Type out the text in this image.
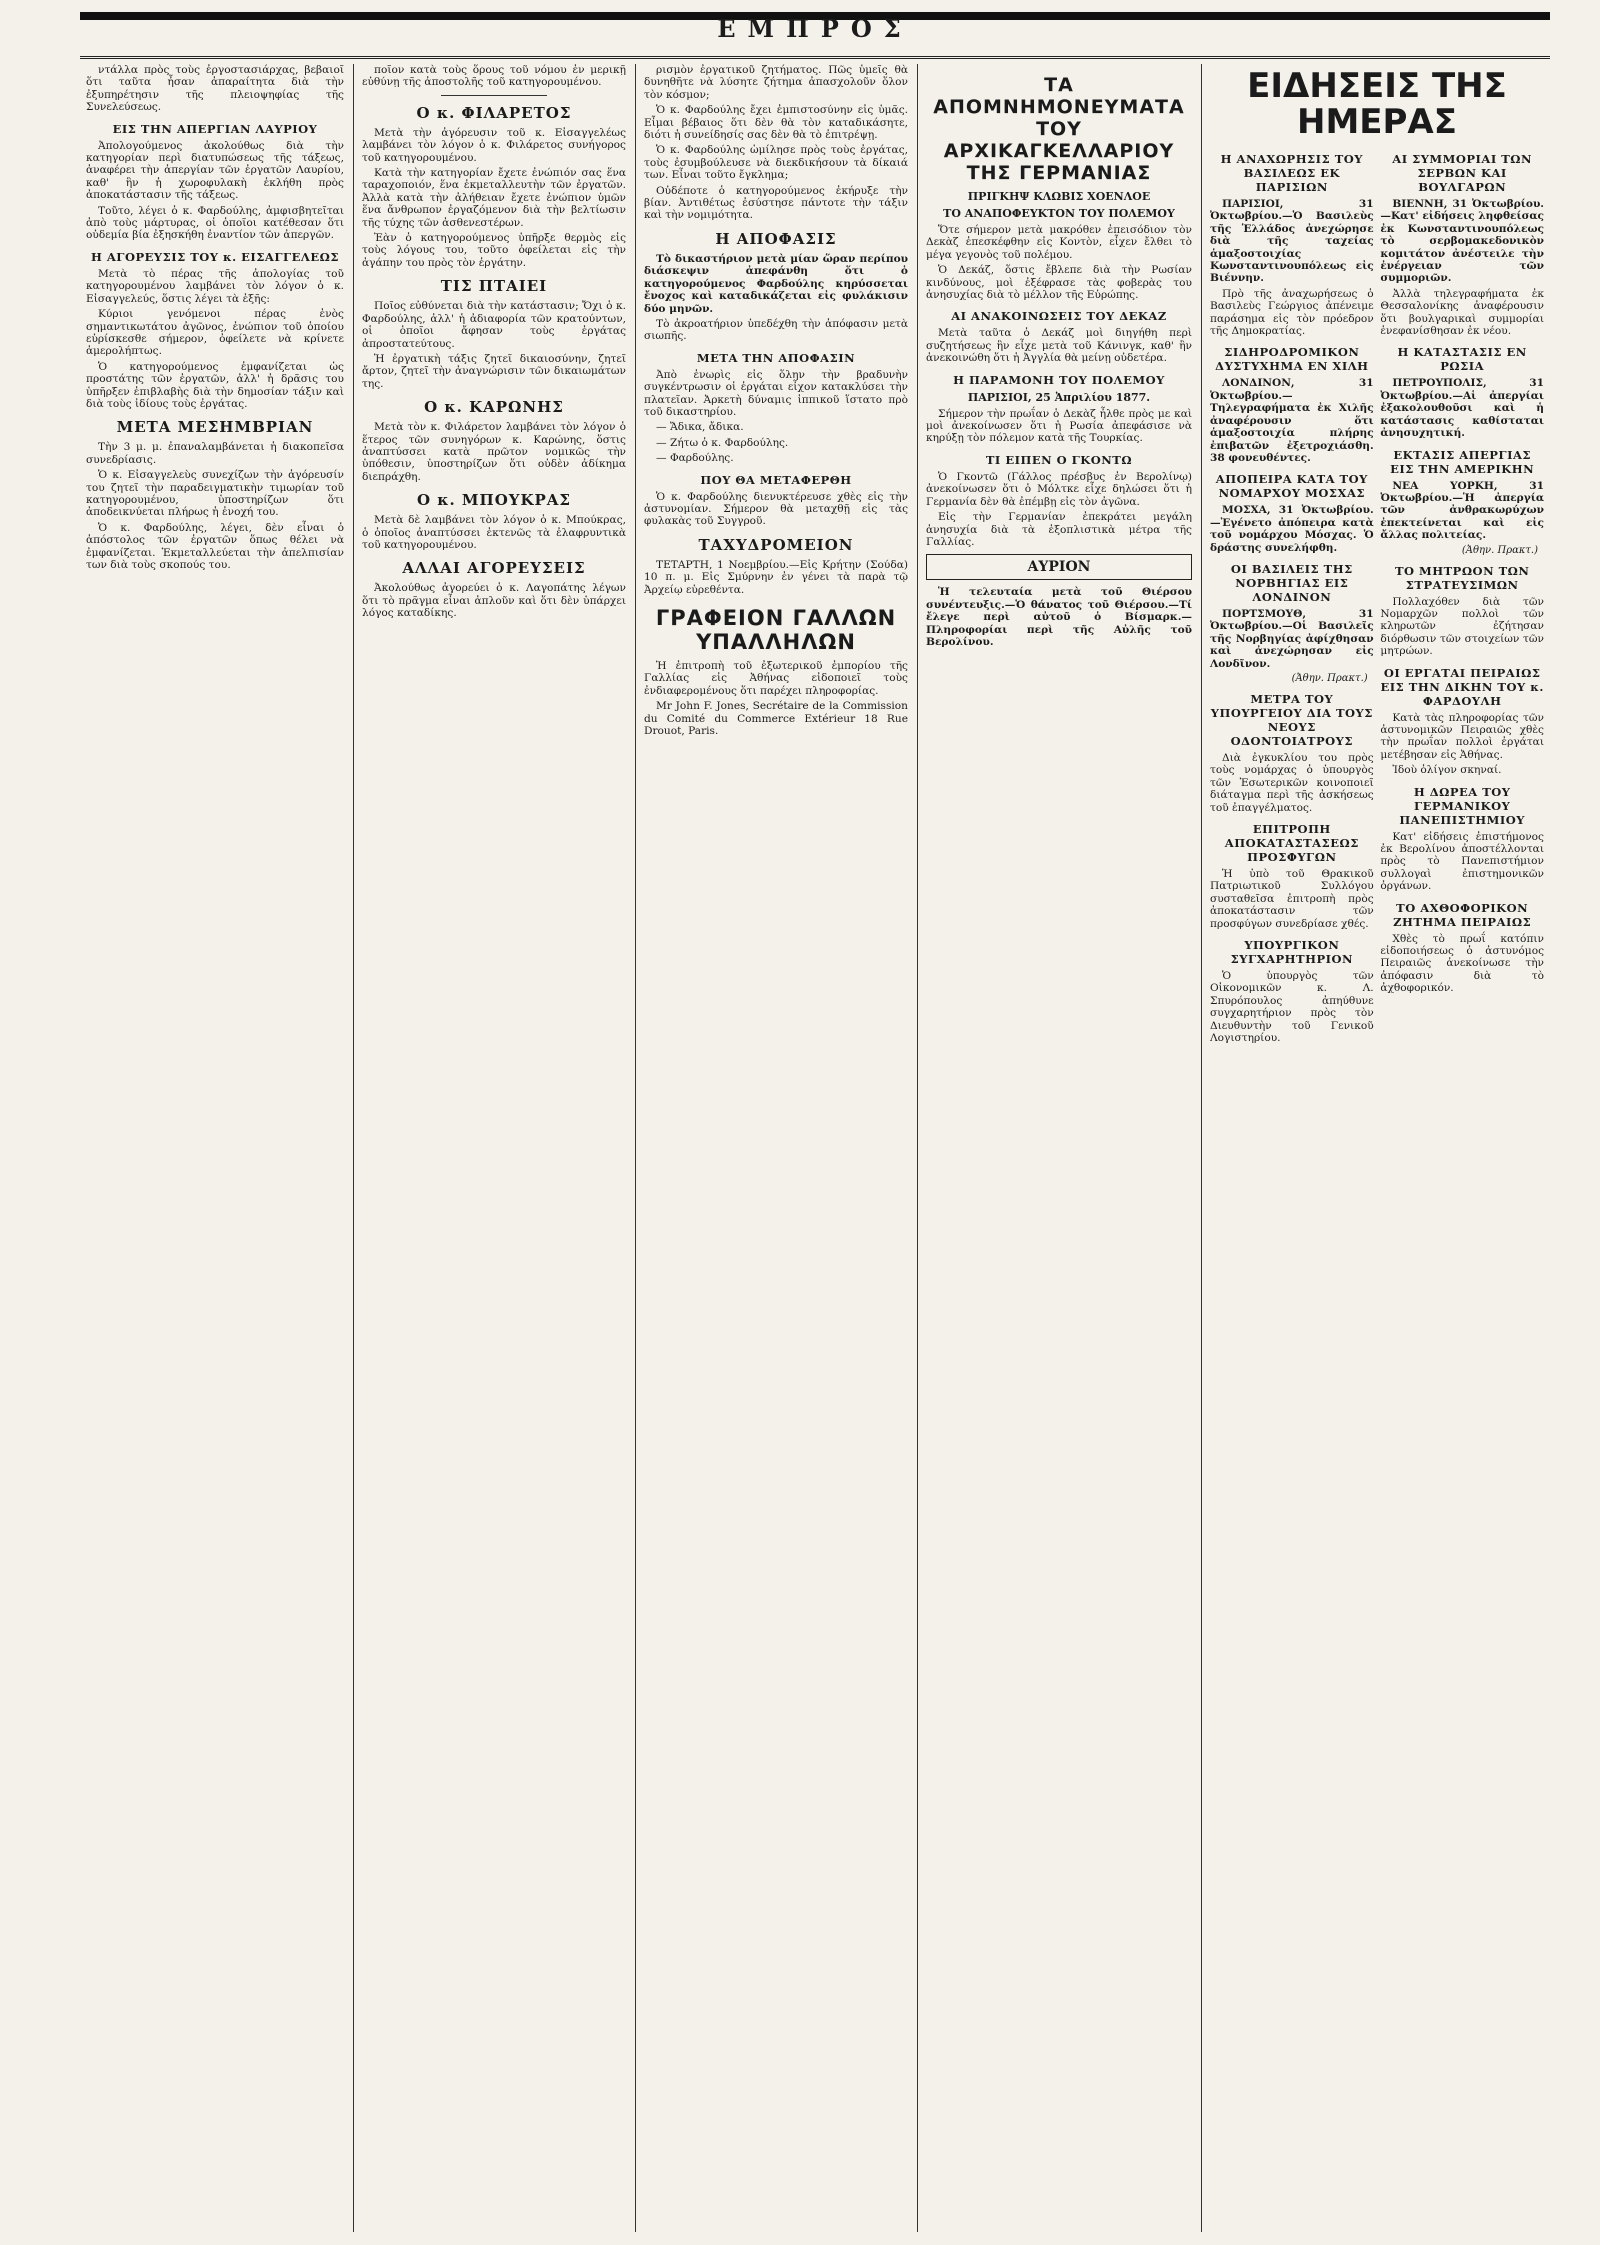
ΕΜΠΡΟΣ

ντάλλα πρὸς τοὺς ἐργοστασιάρχας, βεβαιοῖ ὅτι ταῦτα ἦσαν ἀπαραίτητα διὰ τὴν ἐξυπηρέτησιν τῆς πλειοψηφίας τῆς Συνελεύσεως.

ΕΙΣ ΤΗΝ ΑΠΕΡΓΙΑΝ ΛΑΥΡΙΟΥ

Ἀπολογούμενος ἀκολούθως διὰ τὴν κατηγορίαν περὶ διατυπώσεως τῆς τάξεως, ἀναφέρει τὴν ἀπεργίαν τῶν ἐργατῶν Λαυρίου, καθ' ἣν ἡ χωροφυλακὴ ἐκλήθη πρὸς ἀποκατάστασιν τῆς τάξεως.

Τοῦτο, λέγει ὁ κ. Φαρδούλης, ἀμφισβητεῖται ἀπὸ τοὺς μάρτυρας, οἱ ὁποῖοι κατέθεσαν ὅτι οὐδεμία βία ἐξησκήθη ἐναντίον τῶν ἀπεργῶν.

Η ΑΓΟΡΕΥΣΙΣ ΤΟΥ κ. ΕΙΣΑΓΓΕΛΕΩΣ

Μετὰ τὸ πέρας τῆς ἀπολογίας τοῦ κατηγορουμένου λαμβάνει τὸν λόγον ὁ κ. Εἰσαγγελεύς, ὅστις λέγει τὰ ἑξῆς:

Κύριοι γενόμενοι πέρας ἐνὸς σημαντικωτάτου ἀγῶνος, ἐνώπιον τοῦ ὁποίου εὑρίσκεσθε σήμερον, ὀφείλετε νὰ κρίνετε ἀμερολήπτως.

Ὁ κατηγορούμενος ἐμφανίζεται ὡς προστάτης τῶν ἐργατῶν, ἀλλ' ἡ δρᾶσις του ὑπῆρξεν ἐπιβλαβὴς διὰ τὴν δημοσίαν τάξιν καὶ διὰ τοὺς ἰδίους τοὺς ἐργάτας.

ΜΕΤΑ ΜΕΣΗΜΒΡΙΑΝ

Τὴν 3 μ. μ. ἐπαναλαμβάνεται ἡ διακοπεῖσα συνεδρίασις.

Ὁ κ. Εἰσαγγελεὺς συνεχίζων τὴν ἀγόρευσίν του ζητεῖ τὴν παραδειγματικὴν τιμωρίαν τοῦ κατηγορουμένου, ὑποστηρίζων ὅτι ἀποδεικνύεται πλήρως ἡ ἐνοχή του.

Ὁ κ. Φαρδούλης, λέγει, δὲν εἶναι ὁ ἀπόστολος τῶν ἐργατῶν ὅπως θέλει νὰ ἐμφανίζεται. Ἐκμεταλλεύεται τὴν ἀπελπισίαν των διὰ τοὺς σκοπούς του.

ποῖον κατὰ τοὺς ὅρους τοῦ νόμου ἐν μερικῇ εὐθύνῃ τῆς ἀποστολῆς τοῦ κατηγορουμένου.

Ο κ. ΦΙΛΑΡΕΤΟΣ

Μετὰ τὴν ἀγόρευσιν τοῦ κ. Εἰσαγγελέως λαμβάνει τὸν λόγον ὁ κ. Φιλάρετος συνήγορος τοῦ κατηγορουμένου.

Κατὰ τὴν κατηγορίαν ἔχετε ἐνώπιόν σας ἕνα ταραχοποιόν, ἕνα ἐκμεταλλευτὴν τῶν ἐργατῶν. Ἀλλὰ κατὰ τὴν ἀλήθειαν ἔχετε ἐνώπιον ὑμῶν ἕνα ἄνθρωπον ἐργαζόμενον διὰ τὴν βελτίωσιν τῆς τύχης τῶν ἀσθενεστέρων.

Ἐὰν ὁ κατηγορούμενος ὑπῆρξε θερμὸς εἰς τοὺς λόγους του, τοῦτο ὀφείλεται εἰς τὴν ἀγάπην του πρὸς τὸν ἐργάτην.

ΤΙΣ ΠΤΑΙΕΙ

Ποῖος εὐθύνεται διὰ τὴν κατάστασιν; Ὄχι ὁ κ. Φαρδούλης, ἀλλ' ἡ ἀδιαφορία τῶν κρατούντων, οἱ ὁποῖοι ἄφησαν τοὺς ἐργάτας ἀπροστατεύτους.

Ἡ ἐργατικὴ τάξις ζητεῖ δικαιοσύνην, ζητεῖ ἄρτον, ζητεῖ τὴν ἀναγνώρισιν τῶν δικαιωμάτων της.

Ο κ. ΚΑΡΩΝΗΣ

Μετὰ τὸν κ. Φιλάρετον λαμβάνει τὸν λόγον ὁ ἕτερος τῶν συνηγόρων κ. Καρώνης, ὅστις ἀναπτύσσει κατὰ πρῶτον νομικῶς τὴν ὑπόθεσιν, ὑποστηρίζων ὅτι οὐδὲν ἀδίκημα διεπράχθη.

Ο κ. ΜΠΟΥΚΡΑΣ

Μετὰ δὲ λαμβάνει τὸν λόγον ὁ κ. Μπούκρας, ὁ ὁποῖος ἀναπτύσσει ἐκτενῶς τὰ ἐλαφρυντικὰ τοῦ κατηγορουμένου.

ΑΛΛΑΙ ΑΓΟΡΕΥΣΕΙΣ

Ἀκολούθως ἀγορεύει ὁ κ. Λαγοπάτης λέγων ὅτι τὸ πρᾶγμα εἶναι ἁπλοῦν καὶ ὅτι δὲν ὑπάρχει λόγος καταδίκης.

ρισμὸν ἐργατικοῦ ζητήματος. Πῶς ὑμεῖς θὰ δυνηθῆτε νὰ λύσητε ζήτημα ἀπασχολοῦν ὅλον τὸν κόσμον;

Ὁ κ. Φαρδούλης ἔχει ἐμπιστοσύνην εἰς ὑμᾶς. Εἶμαι βέβαιος ὅτι δὲν θὰ τὸν καταδικάσητε, διότι ἡ συνείδησίς σας δὲν θὰ τὸ ἐπιτρέψῃ.

Ὁ κ. Φαρδούλης ὡμίλησε πρὸς τοὺς ἐργάτας, τοὺς ἐσυμβούλευσε νὰ διεκδικήσουν τὰ δίκαιά των. Εἶναι τοῦτο ἔγκλημα;

Οὐδέποτε ὁ κατηγορούμενος ἐκήρυξε τὴν βίαν. Ἀντιθέτως ἐσύστησε πάντοτε τὴν τάξιν καὶ τὴν νομιμότητα.

Η ΑΠΟΦΑΣΙΣ

Τὸ δικαστήριον μετὰ μίαν ὥραν περίπου διάσκεψιν ἀπεφάνθη ὅτι ὁ κατηγορούμενος Φαρδούλης κηρύσσεται ἔνοχος καὶ καταδικάζεται εἰς φυλάκισιν δύο μηνῶν.

Τὸ ἀκροατήριον ὑπεδέχθη τὴν ἀπόφασιν μετὰ σιωπῆς.

ΜΕΤΑ ΤΗΝ ΑΠΟΦΑΣΙΝ

Ἀπὸ ἐνωρὶς εἰς ὅλην τὴν βραδυνὴν συγκέντρωσιν οἱ ἐργάται εἶχον κατακλύσει τὴν πλατεῖαν. Ἀρκετὴ δύναμις ἱππικοῦ ἵστατο πρὸ τοῦ δικαστηρίου.

— Ἄδικα, ἄδικα.

— Ζήτω ὁ κ. Φαρδούλης.

— Φαρδούλης.

ΠΟΥ ΘΑ ΜΕΤΑΦΕΡΘΗ

Ὁ κ. Φαρδούλης διενυκτέρευσε χθὲς εἰς τὴν ἀστυνομίαν. Σήμερον θὰ μεταχθῇ εἰς τὰς φυλακὰς τοῦ Συγγροῦ.

ΤΑΧΥΔΡΟΜΕΙΟΝ

ΤΕΤΑΡΤΗ, 1 Νοεμβρίου.—Εἰς Κρήτην (Σούδα) 10 π. μ. Εἰς Σμύρνην ἐν γένει τὰ παρὰ τῷ Ἀρχείῳ εὑρεθέντα.

ΓΡΑΦΕΙΟΝ ΓΑΛΛΩΝ ΥΠΑΛΛΗΛΩΝ

Ἡ ἐπιτροπὴ τοῦ ἐξωτερικοῦ ἐμπορίου τῆς Γαλλίας εἰς Ἀθήνας εἰδοποιεῖ τοὺς ἐνδιαφερομένους ὅτι παρέχει πληροφορίας.

Mr John F. Jones, Secrétaire de la Commission du Comité du Commerce Extérieur 18 Rue Drouot, Paris.

ΤΑ ΑΠΟΜΝΗΜΟΝΕΥΜΑΤΑ ΤΟΥ ΑΡΧΙΚΑΓΚΕΛΛΑΡΙΟΥ ΤΗΣ ΓΕΡΜΑΝΙΑΣ
ΠΡΙΓΚΗΨ ΚΛΩΒΙΣ ΧΟΕΝΛΟΕ
ΤΟ ΑΝΑΠΟΦΕΥΚΤΟΝ ΤΟΥ ΠΟΛΕΜΟΥ

Ὅτε σήμερον μετὰ μακρόθεν ἐπεισόδιον τὸν Δεκὰζ ἐπεσκέφθην εἰς Κοντὸν, εἶχεν ἔλθει τὸ μέγα γεγονὸς τοῦ πολέμου.

Ὁ Δεκάζ, ὅστις ἔβλεπε διὰ τὴν Ρωσίαν κινδύνους, μοὶ ἐξέφρασε τὰς φοβερὰς του ἀνησυχίας διὰ τὸ μέλλον τῆς Εὐρώπης.

ΑΙ ΑΝΑΚΟΙΝΩΣΕΙΣ ΤΟΥ ΔΕΚΑΖ

Μετὰ ταῦτα ὁ Δεκάζ μοὶ διηγήθη περὶ συζητήσεως ἣν εἶχε μετὰ τοῦ Κάνινγκ, καθ' ἣν ἀνεκοινώθη ὅτι ἡ Ἀγγλία θὰ μείνῃ οὐδετέρα.

Η ΠΑΡΑΜΟΝΗ ΤΟΥ ΠΟΛΕΜΟΥ
ΠΑΡΙΣΙΟΙ, 25 Ἀπριλίου 1877.

Σήμερον τὴν πρωΐαν ὁ Δεκὰζ ἦλθε πρὸς με καὶ μοὶ ἀνεκοίνωσεν ὅτι ἡ Ρωσία ἀπεφάσισε νὰ κηρύξῃ τὸν πόλεμον κατὰ τῆς Τουρκίας.

ΤΙ ΕΙΠΕΝ Ο ΓΚΟΝΤΩ

Ὁ Γκοντῶ (Γάλλος πρέσβυς ἐν Βερολίνῳ) ἀνεκοίνωσεν ὅτι ὁ Μόλτκε εἶχε δηλώσει ὅτι ἡ Γερμανία δὲν θὰ ἐπέμβῃ εἰς τὸν ἀγῶνα.

Εἰς τὴν Γερμανίαν ἐπεκράτει μεγάλη ἀνησυχία διὰ τὰ ἐξοπλιστικὰ μέτρα τῆς Γαλλίας.

ΑΥΡΙΟΝ

Ἡ τελευταία μετὰ τοῦ Θιέρσου συνέντευξις.—Ὁ θάνατος τοῦ Θιέρσου.—Τί ἔλεγε περὶ αὐτοῦ ὁ Βίσμαρκ.—Πληροφορίαι περὶ τῆς Αὐλῆς τοῦ Βερολίνου.

ΕΙΔΗΣΕΙΣ ΤΗΣ ΗΜΕΡΑΣ
Η ΑΝΑΧΩΡΗΣΙΣ ΤΟΥ ΒΑΣΙΛΕΩΣ ΕΚ ΠΑΡΙΣΙΩΝ

ΠΑΡΙΣΙΟΙ, 31 Ὀκτωβρίου.—Ὁ Βασιλεὺς τῆς Ἑλλάδος ἀνεχώρησε διὰ τῆς ταχείας ἁμαξοστοιχίας Κωνσταντινουπόλεως εἰς Βιέννην.

Πρὸ τῆς ἀναχωρήσεως ὁ Βασιλεὺς Γεώργιος ἀπένειμε παράσημα εἰς τὸν πρόεδρον τῆς Δημοκρατίας.

ΣΙΔΗΡΟΔΡΟΜΙΚΟΝ ΔΥΣΤΥΧΗΜΑ ΕΝ ΧΙΛΗ

ΛΟΝΔΙΝΟΝ, 31 Ὀκτωβρίου.—Τηλεγραφήματα ἐκ Χιλῆς ἀναφέρουσιν ὅτι ἁμαξοστοιχία πλήρης ἐπιβατῶν ἐξετροχιάσθη. 38 φονευθέντες.

ΑΠΟΠΕΙΡΑ ΚΑΤΑ ΤΟΥ ΝΟΜΑΡΧΟΥ ΜΟΣΧΑΣ

ΜΟΣΧΑ, 31 Ὀκτωβρίου.—Ἐγένετο ἀπόπειρα κατὰ τοῦ νομάρχου Μόσχας. Ὁ δράστης συνελήφθη.

ΟΙ ΒΑΣΙΛΕΙΣ ΤΗΣ ΝΟΡΒΗΓΙΑΣ ΕΙΣ ΛΟΝΔΙΝΟΝ

ΠΟΡΤΣΜΟΥΘ, 31 Ὀκτωβρίου.—Οἱ Βασιλεῖς τῆς Νορβηγίας ἀφίχθησαν καὶ ἀνεχώρησαν εἰς Λονδῖνον.

(Ἀθην. Πρακτ.)
ΜΕΤΡΑ ΤΟΥ ΥΠΟΥΡΓΕΙΟΥ ΔΙΑ ΤΟΥΣ ΝΕΟΥΣ ΟΔΟΝΤΟΙΑΤΡΟΥΣ

Διὰ ἐγκυκλίου του πρὸς τοὺς νομάρχας ὁ ὑπουργὸς τῶν Ἐσωτερικῶν κοινοποιεῖ διάταγμα περὶ τῆς ἀσκήσεως τοῦ ἐπαγγέλματος.

ΕΠΙΤΡΟΠΗ ΑΠΟΚΑΤΑΣΤΑΣΕΩΣ ΠΡΟΣΦΥΓΩΝ

Ἡ ὑπὸ τοῦ Θρακικοῦ Πατριωτικοῦ Συλλόγου συσταθεῖσα ἐπιτροπὴ πρὸς ἀποκατάστασιν τῶν προσφύγων συνεδρίασε χθές.

ΥΠΟΥΡΓΙΚΟΝ ΣΥΓΧΑΡΗΤΗΡΙΟΝ

Ὁ ὑπουργὸς τῶν Οἰκονομικῶν κ. Λ. Σπυρόπουλος ἀπηύθυνε συγχαρητήριον πρὸς τὸν Διευθυντὴν τοῦ Γενικοῦ Λογιστηρίου.

ΑΙ ΣΥΜΜΟΡΙΑΙ ΤΩΝ ΣΕΡΒΩΝ ΚΑΙ ΒΟΥΛΓΑΡΩΝ

ΒΙΕΝΝΗ, 31 Ὀκτωβρίου.—Κατ' εἰδήσεις ληφθείσας ἐκ Κωνσταντινουπόλεως τὸ σερβομακεδονικὸν κομιτάτον ἀνέστειλε τὴν ἐνέργειαν τῶν συμμοριῶν.

Ἀλλὰ τηλεγραφήματα ἐκ Θεσσαλονίκης ἀναφέρουσιν ὅτι βουλγαρικαὶ συμμορίαι ἐνεφανίσθησαν ἐκ νέου.

Η ΚΑΤΑΣΤΑΣΙΣ ΕΝ ΡΩΣΙΑ

ΠΕΤΡΟΥΠΟΛΙΣ, 31 Ὀκτωβρίου.—Αἱ ἀπεργίαι ἐξακολουθοῦσι καὶ ἡ κατάστασις καθίσταται ἀνησυχητική.

ΕΚΤΑΣΙΣ ΑΠΕΡΓΙΑΣ ΕΙΣ ΤΗΝ ΑΜΕΡΙΚΗΝ

ΝΕΑ ΥΟΡΚΗ, 31 Ὀκτωβρίου.—Ἡ ἀπεργία τῶν ἀνθρακωρύχων ἐπεκτείνεται καὶ εἰς ἄλλας πολιτείας.

(Ἀθην. Πρακτ.)
ΤΟ ΜΗΤΡΩΟΝ ΤΩΝ ΣΤΡΑΤΕΥΣΙΜΩΝ

Πολλαχόθεν διὰ τῶν Νομαρχῶν πολλοὶ τῶν κληρωτῶν ἐζήτησαν διόρθωσιν τῶν στοιχείων τῶν μητρώων.

ΟΙ ΕΡΓΑΤΑΙ ΠΕΙΡΑΙΩΣ ΕΙΣ ΤΗΝ ΔΙΚΗΝ ΤΟΥ κ. ΦΑΡΔΟΥΛΗ

Κατὰ τὰς πληροφορίας τῶν ἀστυνομικῶν Πειραιῶς χθὲς τὴν πρωΐαν πολλοὶ ἐργάται μετέβησαν εἰς Ἀθήνας.

Ἰδοὺ ὁλίγον σκηναί.

Η ΔΩΡΕΑ ΤΟΥ ΓΕΡΜΑΝΙΚΟΥ ΠΑΝΕΠΙΣΤΗΜΙΟΥ

Κατ' εἰδήσεις ἐπιστήμονος ἐκ Βερολίνου ἀποστέλλονται πρὸς τὸ Πανεπιστήμιον συλλογαὶ ἐπιστημονικῶν ὀργάνων.

ΤΟ ΑΧΘΟΦΟΡΙΚΟΝ ΖΗΤΗΜΑ ΠΕΙΡΑΙΩΣ

Χθὲς τὸ πρωΐ κατόπιν εἰδοποιήσεως ὁ ἀστυνόμος Πειραιῶς ἀνεκοίνωσε τὴν ἀπόφασιν διὰ τὸ ἀχθοφορικόν.
